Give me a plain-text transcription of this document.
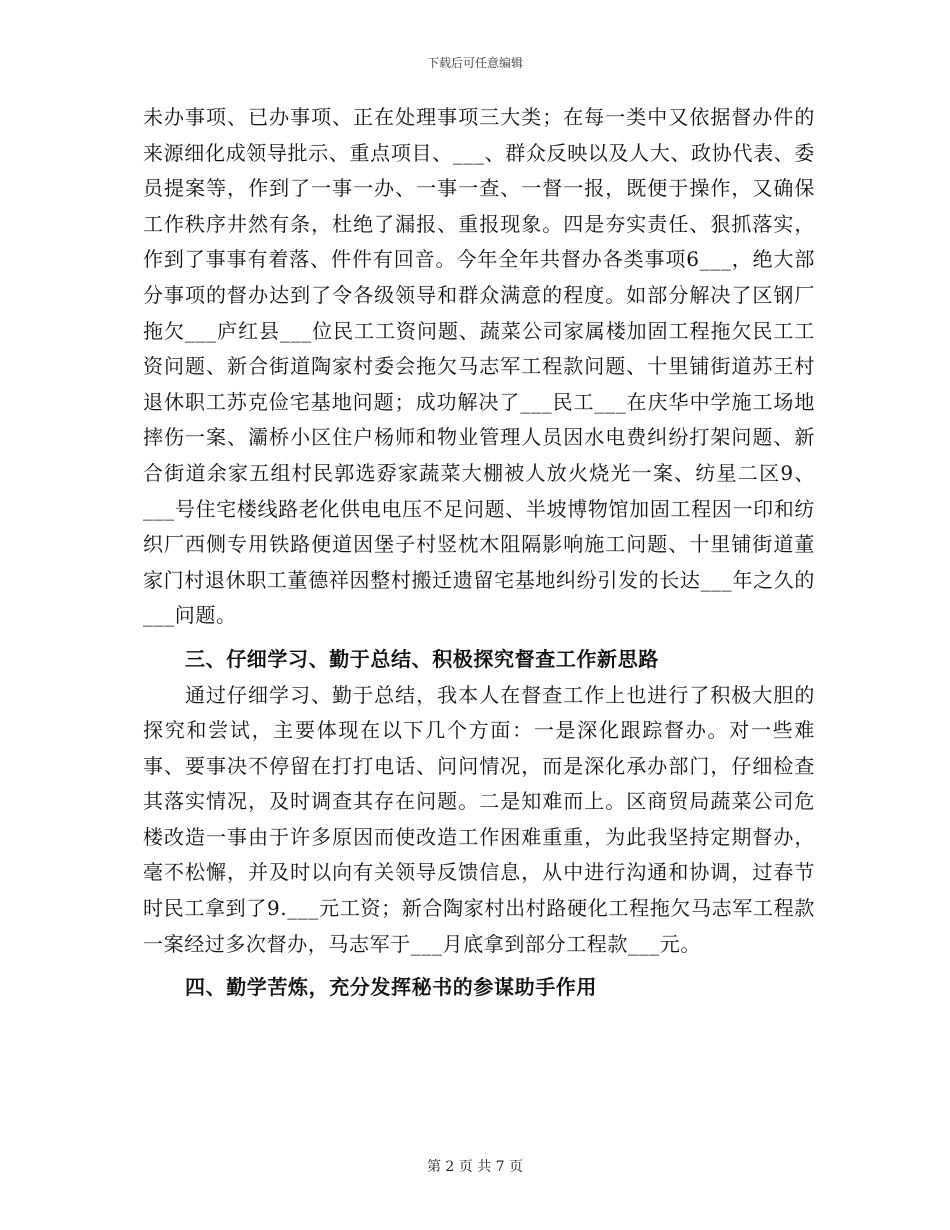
下载后可任意编辑

未办事项、已办事项、正在处理事项三大类；在每一类中又依据督办件的来源细化成领导批示、重点项目、___、群众反映以及人大、政协代表、委员提案等，作到了一事一办、一事一查、一督一报，既便于操作，又确保工作秩序井然有条，杜绝了漏报、重报现象。四是夯实责任、狠抓落实，作到了事事有着落、件件有回音。今年全年共督办各类事项6___，绝大部分事项的督办达到了令各级领导和群众满意的程度。如部分解决了区钢厂拖欠___庐红县___位民工工资问题、蔬菜公司家属楼加固工程拖欠民工工资问题、新合街道陶家村委会拖欠马志军工程款问题、十里铺街道苏王村退休职工苏克俭宅基地问题；成功解决了___民工___在庆华中学施工场地摔伤一案、灞桥小区住户杨师和物业管理人员因水电费纠纷打架问题、新合街道余家五组村民郭选孬家蔬菜大棚被人放火烧光一案、纺星二区9、___号住宅楼线路老化供电电压不足问题、半坡博物馆加固工程因一印和纺织厂西侧专用铁路便道因堡子村竖枕木阻隔影响施工问题、十里铺街道董家门村退休职工董德祥因整村搬迁遗留宅基地纠纷引发的长达___年之久的___问题。

三、仔细学习、勤于总结、积极探究督查工作新思路

通过仔细学习、勤于总结，我本人在督查工作上也进行了积极大胆的探究和尝试，主要体现在以下几个方面：一是深化跟踪督办。对一些难事、要事决不停留在打打电话、问问情况，而是深化承办部门，仔细检查其落实情况，及时调查其存在问题。二是知难而上。区商贸局蔬菜公司危楼改造一事由于许多原因而使改造工作困难重重，为此我坚持定期督办，毫不松懈，并及时以向有关领导反馈信息，从中进行沟通和协调，过春节时民工拿到了9.___元工资；新合陶家村出村路硬化工程拖欠马志军工程款一案经过多次督办，马志军于___月底拿到部分工程款___元。

四、勤学苦炼，充分发挥秘书的参谋助手作用

第 2 页 共 7 页
